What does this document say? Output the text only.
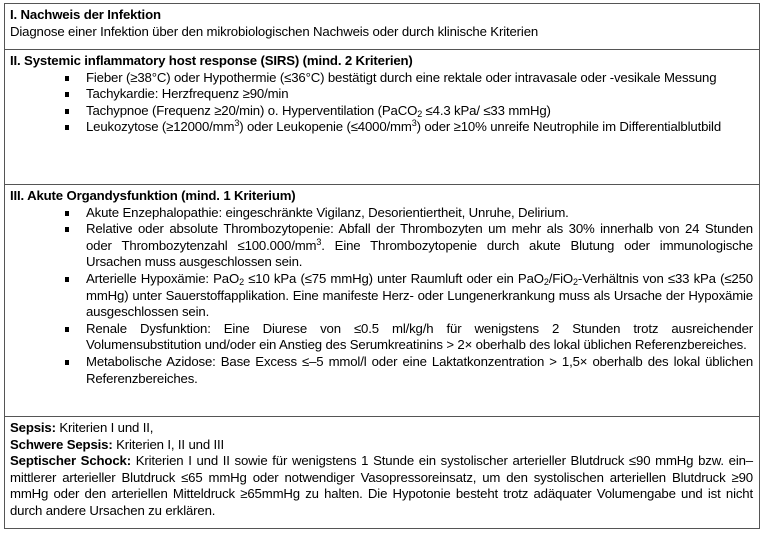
I. Nachweis der Infektion
Diagnose einer Infektion über den mikrobiologischen Nachweis oder durch klinische Kriterien
II. Systemic inflammatory host response (SIRS) (mind. 2 Kriterien)
Fieber (≥38°C) oder Hypothermie (≤36°C) bestätigt durch eine rektale oder intravasale oder -vesikale Messung
Tachykardie: Herzfrequenz ≥90/min
Tachypnoe (Frequenz ≥20/min) o. Hyperventilation (PaCO$_2$ ≤4.3 kPa/ ≤33 mmHg)
Leukozytose $(\ge 12000/mm^3)$ oder Leukopenie $(\le 4000/mm^3)$ oder ≥10% unreife Neutrophile im Differentialblutbild
III. Akute Organdysfunktion (mind. 1 Kriterium)
Akute Enzephalopathie: eingeschränkte Vigilanz, Desorientiertheit, Unruhe, Delirium.
Relative oder absolute Thrombozytopenie: Abfall der Thrombozyten um mehr als 30% innerhalb von 24 Stunden oder Thrombozytenzahl $\le 100.000/mm^3$. Eine Thrombozytopenie durch akute Blutung oder immunologische Ursachen muss ausgeschlossen sein.
Arterielle Hypoxämie: PaO$_2$ ≤10 kPa (≤75 mmHg) unter Raumluft oder ein PaO$_2$/FiO$_2$-Verhältnis von ≤33 kPa (≤250 mmHg) unter Sauerstoffapplikation. Eine manifeste Herz- oder Lungenerkrankung muss als Ursache der Hypoxämie ausgeschlossen sein.
Renale Dysfunktion: Eine Diurese von ≤0.5 ml/kg/h für wenigstens 2 Stunden trotz ausreichender Volumensubstitution und/oder ein Anstieg des Serumkreatinins > 2× oberhalb des lokal üblichen Referenzbereiches.
Metabolische Azidose: Base Excess ≤–5 mmol/l oder eine Laktatkonzentration > 1,5× oberhalb des lokal üblichen Referenzbereiches.
Sepsis: Kriterien I und II,
Schwere Sepsis: Kriterien I, II und III
Septischer Schock: Kriterien I und II sowie für wenigstens 1 Stunde ein systolischer arterieller Blutdruck ≤90 mmHg bzw. ein–mittlerer arterieller Blutdruck ≤65 mmHg oder notwendiger Vasopressoreinsatz, um den systolischen arteriellen Blutdruck ≥90 mmHg oder den arteriellen Mitteldruck ≥65mmHg zu halten. Die Hypotonie besteht trotz adäquater Volumengabe und ist nicht durch andere Ursachen zu erklären.
